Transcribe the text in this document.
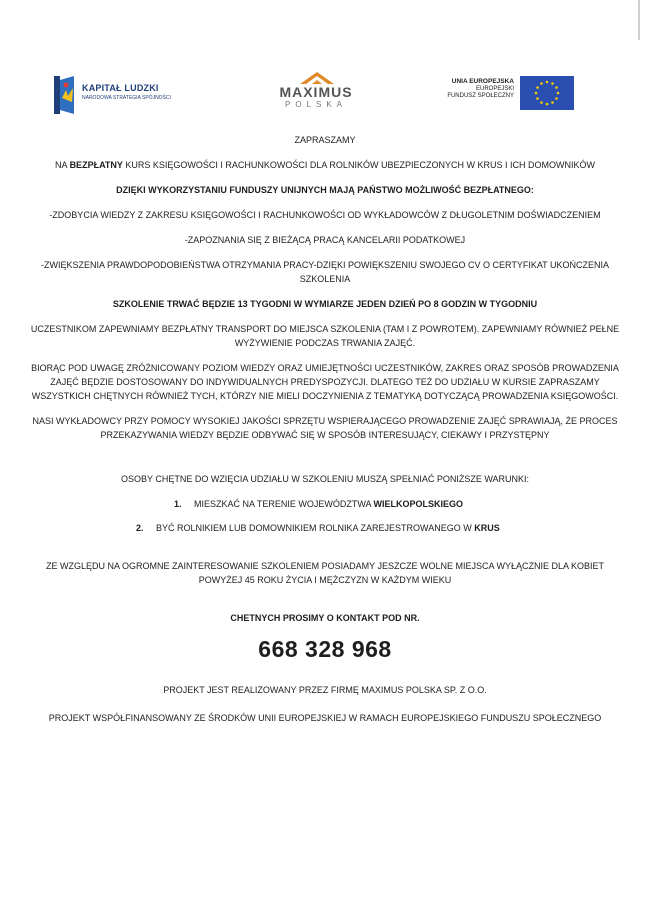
KAPITAŁ LUDZKI
NARODOWA STRATEGIA SPÓJNOŚCI	MAXIMUS
POLSKA
UNIA EUROPEJSKA
EUROPEJSKI
FUNDUSZ SPOŁECZNY

ZAPRASZAMY

NA BEZPŁATNY KURS KSIĘGOWOŚCI I RACHUNKOWOŚCI DLA ROLNIKÓW UBEZPIECZONYCH W KRUS I ICH DOMOWNIKÓW

DZIĘKI WYKORZYSTANIU FUNDUSZY UNIJNYCH MAJĄ PAŃSTWO MOŻLIWOŚĆ BEZPŁATNEGO:

-ZDOBYCIA WIEDZY Z ZAKRESU KSIĘGOWOŚCI I RACHUNKOWOŚCI OD WYKŁADOWCÓW Z DŁUGOLETNIM DOŚWIADCZENIEM

-ZAPOZNANIA SIĘ Z BIEŻĄCĄ PRACĄ KANCELARII PODATKOWEJ

-ZWIĘKSZENIA PRAWDOPODOBIEŃSTWA OTRZYMANIA PRACY-DZIĘKI POWIĘKSZENIU SWOJEGO CV O CERTYFIKAT UKOŃCZENIA SZKOLENIA

SZKOLENIE TRWAĆ BĘDZIE 13 TYGODNI W WYMIARZE JEDEN DZIEŃ PO 8 GODZIN W TYGODNIU

UCZESTNIKOM ZAPEWNIAMY BEZPŁATNY TRANSPORT DO MIEJSCA SZKOLENIA (TAM I Z POWROTEM). ZAPEWNIAMY RÓWNIEŻ PEŁNE WYŻYWIENIE PODCZAS TRWANIA ZAJĘĆ.

BIORĄC POD UWAGĘ ZRÓŻNICOWANY POZIOM WIEDZY ORAZ UMIEJĘTNOŚCI UCZESTNIKÓW, ZAKRES ORAZ SPOSÓB PROWADZENIA ZAJĘĆ BĘDZIE DOSTOSOWANY DO INDYWIDUALNYCH PREDYSPOZYCJI. DLATEGO TEŻ DO UDZIAŁU W KURSIE ZAPRASZAMY WSZYSTKICH CHĘTNYCH RÓWNIEŻ TYCH, KTÓRZY NIE MIELI DOCZYNIENIA Z TEMATYKĄ DOTYCZĄCĄ PROWADZENIA KSIĘGOWOŚCI.

NASI WYKŁADOWCY PRZY POMOCY WYSOKIEJ JAKOŚCI SPRZĘTU WSPIERAJĄCEGO PROWADZENIE ZAJĘĆ SPRAWIAJĄ, ŻE PROCES PRZEKAZYWANIA WIEDZY BĘDZIE ODBYWAĆ SIĘ W SPOSÓB INTERESUJĄCY, CIEKAWY I PRZYSTĘPNY

OSOBY CHĘTNE DO WZIĘCIA UDZIAŁU W SZKOLENIU MUSZĄ SPEŁNIAĆ PONIŻSZE WARUNKI:

1. MIESZKAĆ NA TERENIE WOJEWÓDZTWA WIELKOPOLSKIEGO
2. BYĆ ROLNIKIEM LUB DOMOWNIKIEM ROLNIKA ZAREJESTROWANEGO W KRUS

ZE WZGLĘDU NA OGROMNE ZAINTERESOWANIE SZKOLENIEM POSIADAMY JESZCZE WOLNE MIEJSCA WYŁĄCZNIE DLA KOBIET POWYŻEJ 45 ROKU ŻYCIA I MĘŻCZYZN W KAŻDYM WIEKU

CHETNYCH PROSIMY O KONTAKT POD NR.

668 328 968

PROJEKT JEST REALIZOWANY PRZEZ FIRMĘ MAXIMUS POLSKA SP. Z O.O.

PROJEKT WSPÓŁFINANSOWANY ZE ŚRODKÓW UNII EUROPEJSKIEJ W RAMACH EUROPEJSKIEGO FUNDUSZU SPOŁECZNEGO
